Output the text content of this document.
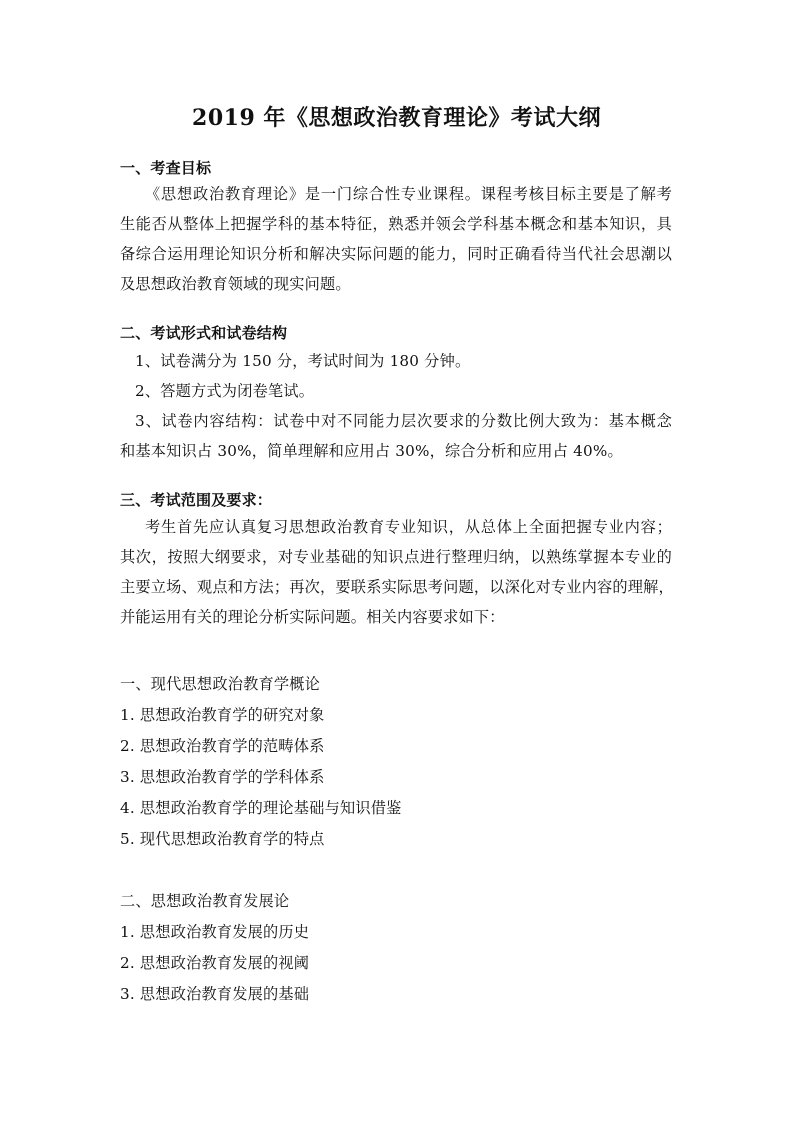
2019 年《思想政治教育理论》考试大纲
一、考查目标
《思想政治教育理论》是一门综合性专业课程。课程考核目标主要是了解考
生能否从整体上把握学科的基本特征，熟悉并领会学科基本概念和基本知识，具
备综合运用理论知识分析和解决实际问题的能力，同时正确看待当代社会思潮以
及思想政治教育领域的现实问题。
二、考试形式和试卷结构
1、试卷满分为 150 分，考试时间为 180 分钟。
2、答题方式为闭卷笔试。
3、试卷内容结构：试卷中对不同能力层次要求的分数比例大致为：基本概念
和基本知识占 30%，简单理解和应用占 30%，综合分析和应用占 40%。
三、考试范围及要求：
考生首先应认真复习思想政治教育专业知识，从总体上全面把握专业内容；
其次，按照大纲要求，对专业基础的知识点进行整理归纳，以熟练掌握本专业的
主要立场、观点和方法；再次，要联系实际思考问题，以深化对专业内容的理解，
并能运用有关的理论分析实际问题。相关内容要求如下：
一、现代思想政治教育学概论
1. 思想政治教育学的研究对象
2. 思想政治教育学的范畴体系
3. 思想政治教育学的学科体系
4. 思想政治教育学的理论基础与知识借鉴
5. 现代思想政治教育学的特点
二、思想政治教育发展论
1. 思想政治教育发展的历史
2. 思想政治教育发展的视阈
3. 思想政治教育发展的基础
